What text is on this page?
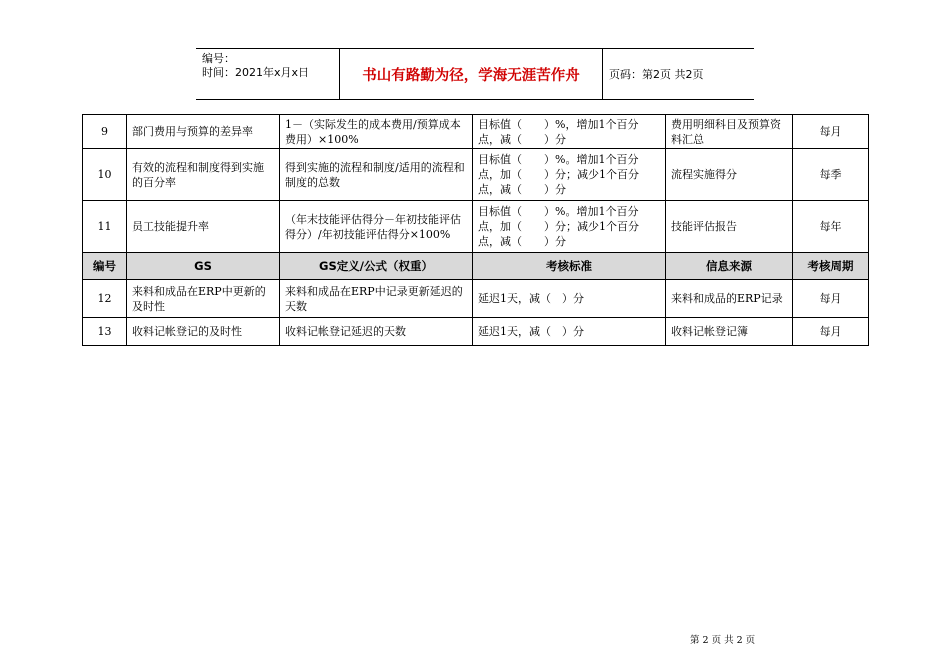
编号：
时间：2021年x月x日	书山有路勤为径，学海无涯苦作舟	页码：第2页 共2页
9	部门费用与预算的差异率	1－（实际发生的成本费用/预算成本费用）×100%	目标值（　　）%，增加1个百分点，减（　　）分	费用明细科目及预算资料汇总	每月
10	有效的流程和制度得到实施的百分率	得到实施的流程和制度/适用的流程和制度的总数	目标值（　　）%。增加1个百分点，加（　　）分；减少1个百分点，减（　　）分	流程实施得分	每季
11	员工技能提升率	（年末技能评估得分－年初技能评估得分）/年初技能评估得分×100%	目标值（　　）%。增加1个百分点，加（　　）分；减少1个百分点，减（　　）分	技能评估报告	每年
编号	GS	GS定义/公式（权重）	考核标准	信息来源	考核周期
12	来料和成品在ERP中更新的及时性	来料和成品在ERP中记录更新延迟的天数	延迟1天，减（　）分	来料和成品的ERP记录	每月
13	收料记帐登记的及时性	收料记帐登记延迟的天数	延迟1天，减（　）分	收料记帐登记簿	每月
第 2 页 共 2 页
